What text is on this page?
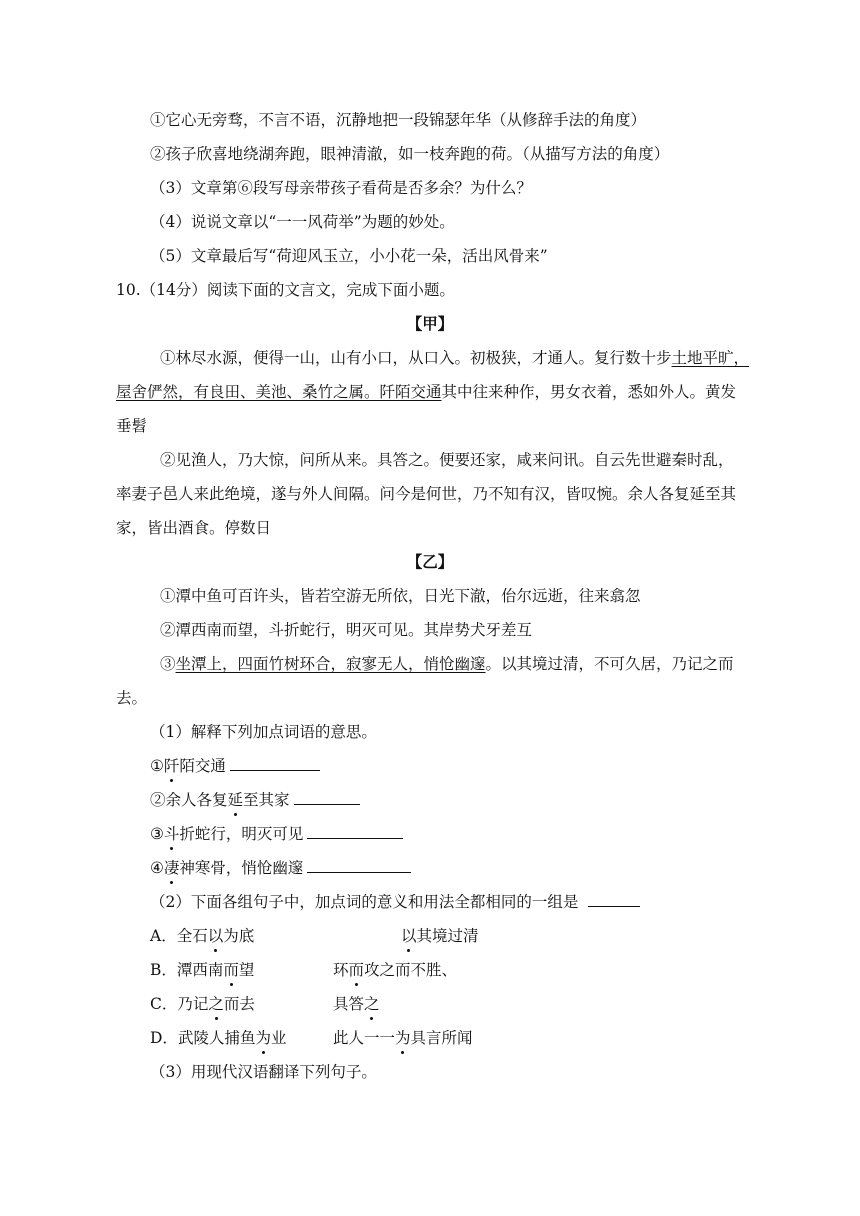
①它心无旁骛，不言不语，沉静地把一段锦瑟年华（从修辞手法的角度）
②孩子欣喜地绕湖奔跑，眼神清澈，如一枝奔跑的荷。（从描写方法的角度）
（3）文章第⑥段写母亲带孩子看荷是否多余？为什么？
（4）说说文章以“一一风荷举”为题的妙处。
（5）文章最后写“荷迎风玉立，小小花一朵，活出风骨来”
10.（14分）阅读下面的文言文，完成下面小题。
【甲】
①林尽水源，便得一山，山有小口，从口入。初极狭，才通人。复行数十步土地平旷，
屋舍俨然，有良田、美池、桑竹之属。阡陌交通其中往来种作，男女衣着，悉如外人。黄发
垂髫
②见渔人，乃大惊，问所从来。具答之。便要还家，咸来问讯。自云先世避秦时乱，
率妻子邑人来此绝境，遂与外人间隔。问今是何世，乃不知有汉，皆叹惋。余人各复延至其
家，皆出酒食。停数日
【乙】
①潭中鱼可百许头，皆若空游无所依，日光下澈，佁尔远逝，往来翕忽
②潭西南而望，斗折蛇行，明灭可见。其岸势犬牙差互
③坐潭上，四面竹树环合，寂寥无人，悄怆幽邃。以其境过清，不可久居，乃记之而
去。
（1）解释下列加点词语的意思。
①阡陌交通
②余人各复延至其家
③斗折蛇行，明灭可见
④凄神寒骨，悄怆幽邃
（2）下面各组句子中，加点词的意义和用法全都相同的一组是
A．全石以为底	以其境过清
B．潭西南而望	环而攻之而不胜、
C．乃记之而去	具答之
D．武陵人捕鱼为业	此人一一为具言所闻
（3）用现代汉语翻译下列句子。
